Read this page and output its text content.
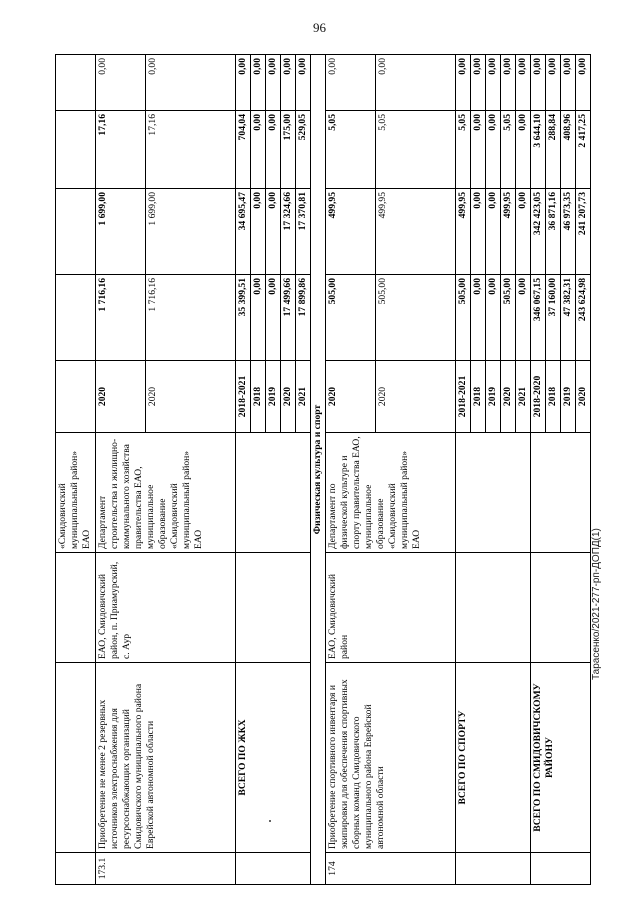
96
Тарасенко/2021-277-рп-ДОПД(1)
			«Смидовичский муниципальный район» ЕАО					
173.1	Приобретение не менее 2 резервных источников электроснабжения для ресурсоснабжающих организаций Смидовичского муниципального района Еврейской автономной области	ЕАО, Смидовичский район, п. Приамурский, с. Аур	Департамент строительства и жилищно-коммунального хозяйства правительства ЕАО, муниципальное образование «Смидовичский муниципальный район» ЕАО	2020	1 716,16	1 699,00	17,16	0,00
				2020	1 716,16	1 699,00	17,16	0,00
	ВСЕГО ПО ЖКХ			2018-2021	35 399,51	34 695,47	704,04	0,00
				2018	0,00	0,00	0,00	0,00
				2019	0,00	0,00	0,00	0,00
				2020	17 499,66	17 324,66	175,00	0,00
				2021	17 899,86	17 370,81	529,05	0,00
Физическая культура и спорт								
174	Приобретение спортивного инвентаря и экипировки для обеспечения спортивных сборных команд Смидовичского муниципального района Еврейской автономной области	ЕАО, Смидовичский район	Департамент по физической культуре и спорту правительства ЕАО, муниципальное образование «Смидовичский муниципальный район» ЕАО	2020	505,00	499,95	5,05	0,00
				2020	505,00	499,95	5,05	0,00
	ВСЕГО ПО СПОРТУ			2018-2021	505,00	499,95	5,05	0,00
				2018	0,00	0,00	0,00	0,00
				2019	0,00	0,00	0,00	0,00
				2020	505,00	499,95	5,05	0,00
				2021	0,00	0,00	0,00	0,00
	ВСЕГО ПО СМИДОВИЧСКОМУ РАЙОНУ			2018-2020	346 067,15	342 423,05	3 644,10	0,00
				2018	37 160,00	36 871,16	288,84	0,00
				2019	47 382,31	46 973,35	408,96	0,00
				2020	243 624,98	241 207,73	2 417,25	0,00
